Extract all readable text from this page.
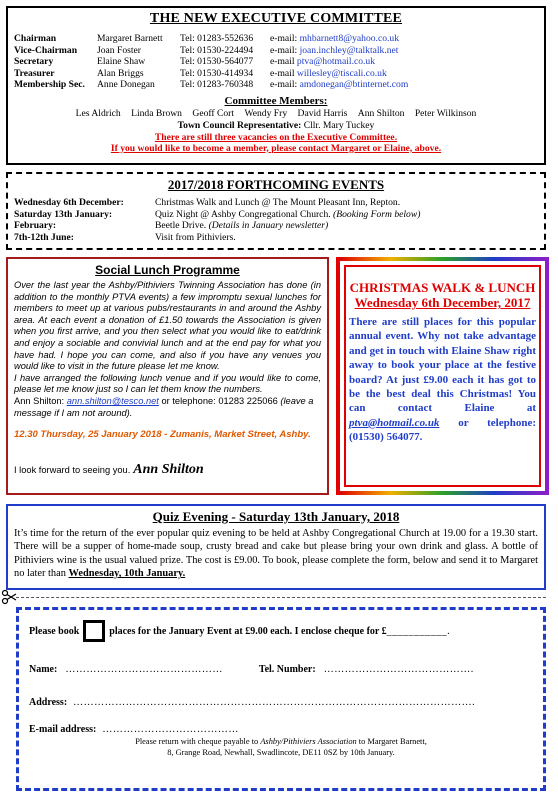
THE NEW EXECUTIVE COMMITTEE
Chairman	Margaret Barnett	Tel: 01283-552636	e-mail: mhbarnett8@yahoo.co.uk
Vice-Chairman	Joan Foster	Tel: 01530-224494	e-mail: joan.inchley@talktalk.net
Secretary	Elaine Shaw	Tel: 01530-564077	e-mail ptva@hotmail.co.uk
Treasurer	Alan Briggs	Tel: 01530-414934	e-mail willesley@tiscali.co.uk
Membership Sec.	Anne Donegan	Tel: 01283-760348	e-mail: amdonegan@btinternet.com
Committee Members:
Les Aldrich Linda Brown Geoff Cort Wendy Fry David Harris Ann Shilton Peter Wilkinson
Town Council Representative: Cllr. Mary Tuckey
There are still three vacancies on the Executive Committee.
If you would like to become a member, please contact Margaret or Elaine, above.
2017/2018 FORTHCOMING EVENTS
Wednesday 6th December:	Christmas Walk and Lunch @ The Mount Pleasant Inn, Repton.
Saturday 13th January:	Quiz Night @ Ashby Congregational Church. (Booking Form below)
February:	Beetle Drive. (Details in January newsletter)
7th-12th June:	Visit from Pithiviers.
Social Lunch Programme

Over the last year the Ashby/Pithiviers Twinning Association has done (in addition to the monthly PTVA events) a few impromptu sexual lunches for members to meet up at various pubs/restaurants in and around the Ashby area. At each event a donation of £1.50 towards the Association is given when you first arrive, and you then select what you would like to eat/drink and enjoy a sociable and convivial lunch and at the end pay for what you have had. I hope you can come, and also if you have any venues you would like to visit in the future please let me know.

I have arranged the following lunch venue and if you would like to come, please let me know just so I can let them know the numbers.

Ann Shilton: ann.shilton@tesco.net or telephone: 01283 225066 (leave a message if I am not around).

12.30 Thursday, 25 January 2018 - Zumanis, Market Street, Ashby.
I look forward to seeing you. Ann Shilton
CHRISTMAS WALK & LUNCH
Wednesday 6th December, 2017

There are still places for this popular annual event. Why not take advantage and get in touch with Elaine Shaw right away to book your place at the festive board? At just £9.00 each it has got to be the best deal this Christmas! You can contact Elaine at ptva@hotmail.co.uk or telephone: (01530) 564077.

Quiz Evening - Saturday 13th January, 2018

It’s time for the return of the ever popular quiz evening to be held at Ashby Congregational Church at 19.00 for a 19.30 start. There will be a supper of home-made soup, crusty bread and cake but please bring your own drink and glass. A bottle of Pithiviers wine is the usual valued prize. The cost is £9.00. To book, please complete the form, below and send it to Margaret no later than Wednesday, 10th January.

Please book	places for the January Event at £9.00 each. I enclose cheque for £ ___________.
Name: ………………………………………	Tel. Number: …………………………………….
Address: …………………………………………………………………………………………………….
E-mail address: …………………………………
Please return with cheque payable to Ashby/Pithiviers Association to Margaret Barnett,
8, Grange Road, Newhall, Swadlincote, DE11 0SZ by 10th January.
